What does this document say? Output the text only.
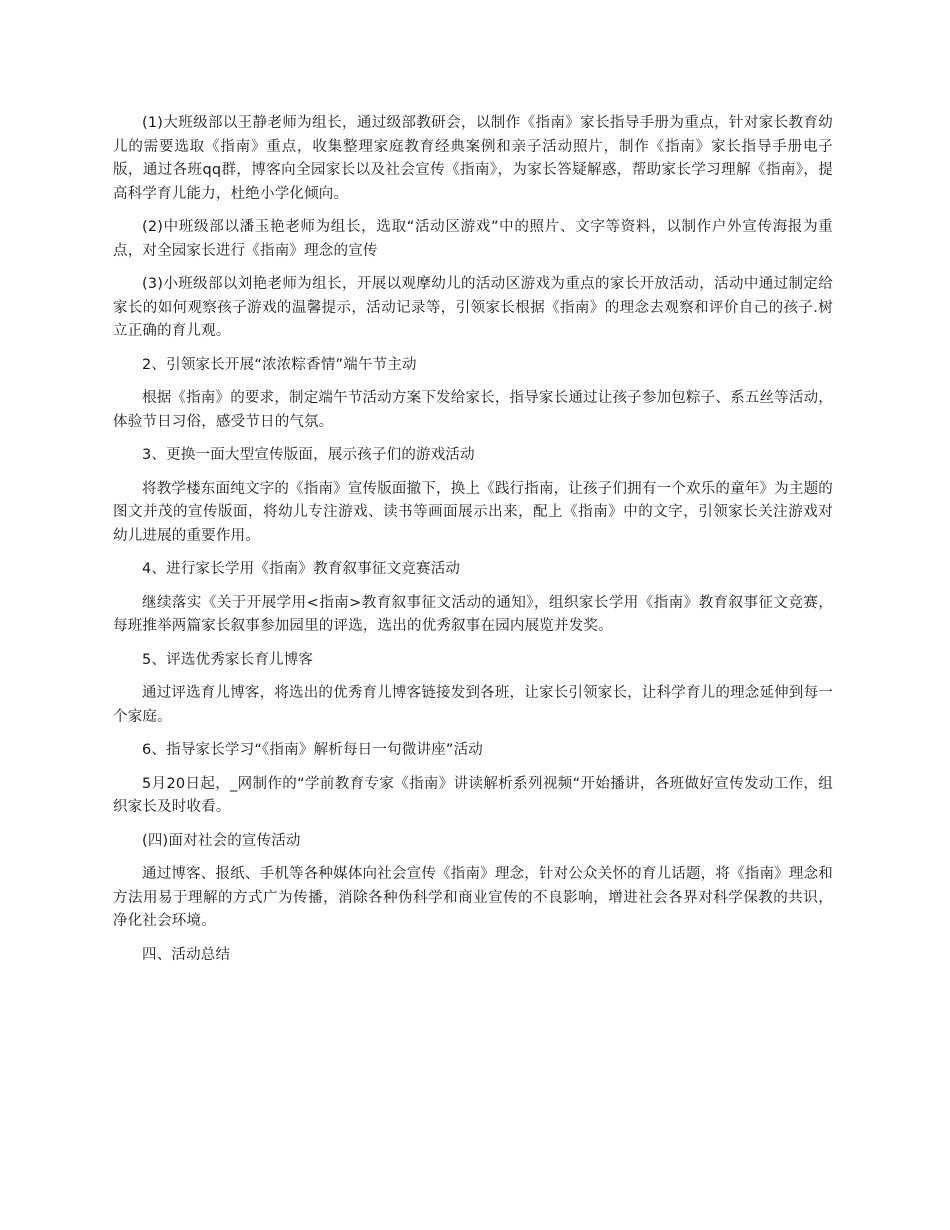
(1)大班级部以王静老师为组长，通过级部教研会，以制作《指南》家长指导手册为重点，针对家长教育幼儿的需要选取《指南》重点，收集整理家庭教育经典案例和亲子活动照片，制作《指南》家长指导手册电子版，通过各班qq群，博客向全园家长以及社会宣传《指南》，为家长答疑解惑，帮助家长学习理解《指南》，提高科学育儿能力，杜绝小学化倾向。

(2)中班级部以潘玉艳老师为组长，选取“活动区游戏”中的照片、文字等资料，以制作户外宣传海报为重点，对全园家长进行《指南》理念的宣传

(3)小班级部以刘艳老师为组长，开展以观摩幼儿的活动区游戏为重点的家长开放活动，活动中通过制定给家长的如何观察孩子游戏的温馨提示，活动记录等，引领家长根据《指南》的理念去观察和评价自己的孩子.树立正确的育儿观。

2、引领家长开展“浓浓粽香情”端午节主动

根据《指南》的要求，制定端午节活动方案下发给家长，指导家长通过让孩子参加包粽子、系五丝等活动，体验节日习俗，感受节日的气氛。

3、更换一面大型宣传版面，展示孩子们的游戏活动

将教学楼东面纯文字的《指南》宣传版面撤下，换上《践行指南，让孩子们拥有一个欢乐的童年》为主题的图文并茂的宣传版面，将幼儿专注游戏、读书等画面展示出来，配上《指南》中的文字，引领家长关注游戏对幼儿进展的重要作用。

4、进行家长学用《指南》教育叙事征文竞赛活动

继续落实《关于开展学用<指南>教育叙事征文活动的通知》，组织家长学用《指南》教育叙事征文竞赛，每班推举两篇家长叙事参加园里的评选，选出的优秀叙事在园内展览并发奖。

5、评选优秀家长育儿博客

通过评选育儿博客，将选出的优秀育儿博客链接发到各班，让家长引领家长，让科学育儿的理念延伸到每一个家庭。

6、指导家长学习“《指南》解析每日一句微讲座”活动

5月20日起，_网制作的“学前教育专家《指南》讲读解析系列视频“开始播讲，各班做好宣传发动工作，组织家长及时收看。

(四)面对社会的宣传活动

通过博客、报纸、手机等各种媒体向社会宣传《指南》理念，针对公众关怀的育儿话题，将《指南》理念和方法用易于理解的方式广为传播，消除各种伪科学和商业宣传的不良影响，增进社会各界对科学保教的共识，净化社会环境。

四、活动总结
